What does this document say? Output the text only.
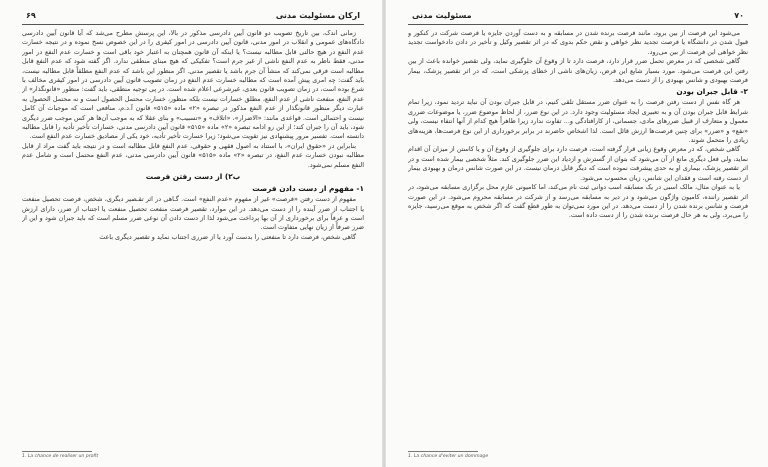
۶۹	ارکان مسئولیت مدنی

زمانی اندک، بین تاریخ تصویب دو قانون آیین دادرسی مذکور در بالا، این پرسش مطرح می‌شد که آیا قانون آیین دادرسی دادگاه‌های عمومی و انقلاب در امور مدنی، قانون آیین دادرسی در امور کیفری را در این خصوص نسخ نموده و در نتیجه خسارت عدم النفع در هیچ حالتی قابل مطالبه نیست؟ یا اینکه آن قانون همچنان به اعتبار خود باقی است و خسارت عدم النفع در امور مدنی، فقط ناظر به عدم النفع ناشی از غیر جرم است؟ تفکیکی که هیچ مبنای منطقی ندارد. اگر گفته شود که عدم النفع قابل مطالبه است فرقی نمی‌کند که منشأ آن جرم باشد یا تقصیر مدنی. اگر منظور این باشد که عدم النفع مطلقاً قابل مطالبه نیست، باید گفت: چه امری پیش آمده است که مطالبه خسارت عدم النفع در زمان تصویب قانون آیین دادرسی در امور کیفری مخالف با شرع بوده است، در زمان تصویب قانون بعدی، غیرشرعی اعلام شده است. در پی توجیه منطقی، باید گفت: منظور «قانونگذار» از عدم النفع، منفعت ناشی از عدم النفع، مطلق خسارات نیست بلکه منظور، خسارت محتمل الحصول است و نه محتمل الحصول به عبارت دیگر منظور قانونگذار از عدم النفع مذکور در تبصره «۲» ماده «۵۱۵» قانون آ.د.م، منافعی است که موجبات آن کامل نیست و احتمالی است. قواعدی مانند: «الاضرار»، «اتلاف» و «تسبیب» و بنای عقلا که به موجب آن‌ها هر کس موجب ضرر دیگری شود، باید آن را جبران کند؛ از این رو ادامه تبصره «۲» ماده «۵۱۵» قانون آیین دادرسی مدنی، خسارات تأخیر تأدیه را قابل مطالبه دانسته است. تفسیر مرور پیشنهادی نیز تقویت می‌شود؛ زیرا خسارت تأخیر تأدیه، خود یکی از مصادیق خسارت عدم النفع است.

بنابراین در «حقوق ایران»، با استناد به اصول فقهی و حقوقی، عدم النفع قابل مطالبه است و در نتیجه باید گفت مراد از قابل مطالبه نبودن خسارت عدم النفع، در تبصره «۲» ماده «۵۱۵» قانون آیین دادرسی مدنی، عدم النفع محتمل است و شامل عدم النفع مسلم نمی‌شود.

ب‌۲) از دست رفتن فرصت
۱- مفهوم از دست دادن فرصت

مفهوم از دست رفتن «فرصت» غیر از مفهوم «عدم النفع» است. گـاهی در اثر تقـصیر دیگری، شخص، فرصت تحصیل منفعت یا اجتناب از ضرر آینده را از دست می‌دهد. در این موارد، تقصیر فرصت منفعت تحصیل منفعت یا اجتناب از ضرر، دارای ارزش است و عرفاً برای برخورداری از آن بها پرداخت می‌شود لذا از دست دادن آن نوعی ضرر مسلم است که باید جبران شود و این از ضرر صرفاً از زیان نهایی متفاوت است.

گاهی شخص، فرصت دارد تا منفعتی را بدست آورد یا از ضرری اجتناب نماید و تقصیر دیگری باعث

1. La chance de realiser un profit
۷۰
مسئولیت مدنی

می‌شود این فرصت از بین برود، مانند فرصت برنده شدن در مسابقه و به دست آوردن جایزه یا فرصت شرکت در کنکور و قبول شدن در دانشگاه یا فرصت تجدید نظر خواهی و نقض حکم بدوی که در اثر تقصیر وکیل و تأخیر در دادن دادخواست تجدید نظر خواهی این فرصت از بین می‌رود.

گاهی شخصی که در معرض تحمل ضرر قرار دارد، فرصت دارد تا از وقوع آن جلوگیری نماید، ولی تقصیر خوانده باعث از بین رفتن این فرصت می‌شود. مورد بسیار شایع این فرض، زیان‌های ناشی از خطای پزشکی است، که در اثر تقصیر پزشک، بیمار فرصت بهبودی و شانس بهبودی را از دست می‌دهد.

۲- قابل جبران بودن

هر گاه نفس از دست رفتن فرصت را به عنوان ضرر مستقل تلقی کنیم، در قابل جبران بودن آن نباید تردید نمود، زیرا تمام شرایط قابل جبران بودن آن و به تعبیری ایجاد مسئولیت وجود دارد. در این نوع ضرر، از لحاظ موضوع ضرر، یا موضوعات ضرری معمول و متعارف از قبیل ضررهای مادی، جسمانی، از کارافتادگی و... تفاوت ندارد زیرا ظاهراً هیچ کدام از آنها انتفاء نیست، ولی «نفع» و «ضرر» برای چنین فرصت‌ها ارزش قائل است. لذا اشخاص حاضرند در برابر برخورداری از این نوع فرصت‌ها، هزینه‌های زیادی را متحمل شوند.

گاهی شخص، که در معرض وقوع زیانی قرار گرفته است، فرصت دارد برای جلوگیری از وقوع آن و یا کاستن از میزان آن اقدام نماید، ولی فعل دیگری مانع از آن می‌شود که بتوان از گسترش و ازدیاد این ضرر جلوگیری کند. مثلاً شخصی بیمار شده است و در اثر تقصیر پزشک، بیماری او به حدی پیشرفت نموده است که دیگر قابل درمان نیست. در این صورت شانس درمان و بهبودی بیمار از دست رفته است و فقدان این شانس، زیان محسوب می‌شود.

یا به عنوان مثال، مالک اسبی در یک مسابقه اسب دوانی ثبت نام می‌کند، اما کامیونی عازم محل برگزاری مسابقه می‌شود، در اثر تقصیر راننده، کامیون واژگون می‌شود و در دیر به مسابقه می‌رسد و از شرکت در مسابقه محروم می‌شود. در این صورت فرصت و شانس برنده شدن را از دست می‌دهد. در این مورد نمی‌توان به طور قطع گفت که اگر شخص به موقع می‌رسید، جایزه را می‌برد، ولی به هر حال فرصت برنده شدن را از دست داده است.

1. La chance d'eviter un dommage
